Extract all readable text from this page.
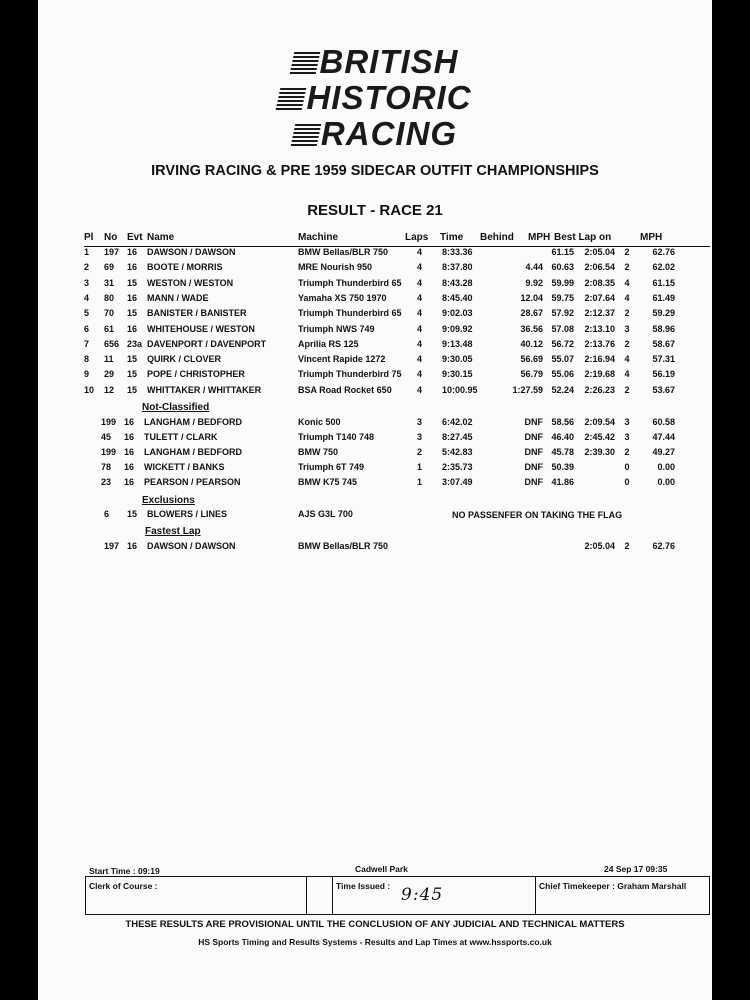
BRITISH
HISTORIC
RACING
IRVING RACING & PRE 1959 SIDECAR OUTFIT CHAMPIONSHIPS
RESULT - RACE 21
Pl No Evt Name	Machine	Laps Time Behind	MPH Best Lap on	MPH
1 197 16 DAWSON / DAWSON	BMW Bellas/BLR 750	4 8:33.36	61.15	2:05.04	2	62.76
2 69 16 BOOTE / MORRIS	MRE Nourish 950	4 8:37.80	4.44 60.63	2:06.54	2	62.02
3 31 15 WESTON / WESTON	Triumph Thunderbird 65 4 8:43.28	9.92 59.99	2:08.35	4	61.15
4 80 16 MANN / WADE	Yamaha XS 750 1970	4 8:45.40	12.04 59.75	2:07.64	4	61.49
5 70 15 BANISTER / BANISTER	Triumph Thunderbird 65 4 9:02.03	28.67 57.92	2:12.37	2	59.29
6 61 16 WHITEHOUSE / WESTON	Triumph NWS 749	4 9:09.92	36.56 57.08	2:13.10	3	58.96
7 656 23a DAVENPORT / DAVENPORT	Aprilia RS 125	4 9:13.48	40.12 56.72	2:13.76	2	58.67
8 11 15 QUIRK / CLOVER	Vincent Rapide 1272	4 9:30.05	56.69 55.07	2:16.94	4	57.31
9 29 15 POPE / CHRISTOPHER	Triumph Thunderbird 75 4 9:30.15	56.79 55.06	2:19.68	4	56.19
10 12 15 WHITTAKER / WHITTAKER	BSA Road Rocket 650	4 10:00.95	1:27.59 52.24	2:26.23	2	53.67
Not-Classified
199 16 LANGHAM / BEDFORD	Konic 500	3 6:42.02	DNF 58.56	2:09.54	3	60.58
45 16 TULETT / CLARK	Triumph T140 748	3 8:27.45	DNF 46.40	2:45.42	3	47.44
199 16 LANGHAM / BEDFORD	BMW 750	2 5:42.83	DNF 45.78	2:39.30	2	49.27
78 16 WICKETT / BANKS	Triumph 6T 749	1 2:35.73	DNF 50.39	0	0.00
23 16 PEARSON / PEARSON	BMW K75 745	1 3:07.49	DNF 41.86	0	0.00
Exclusions
6 15 BLOWERS / LINES	AJS G3L 700	NO PASSENFER ON TAKING THE FLAG
Fastest Lap
197 16 DAWSON / DAWSON	BMW Bellas/BLR 750	2:05.04	2	62.76
Start Time : 09:19	Cadwell Park	24 Sep 17 09:35
Clerk of Course :	Time Issued : 9:45	Chief Timekeeper : Graham Marshall
THESE RESULTS ARE PROVISIONAL UNTIL THE CONCLUSION OF ANY JUDICIAL AND TECHNICAL MATTERS
HS Sports Timing and Results Systems - Results and Lap Times at www.hssports.co.uk
